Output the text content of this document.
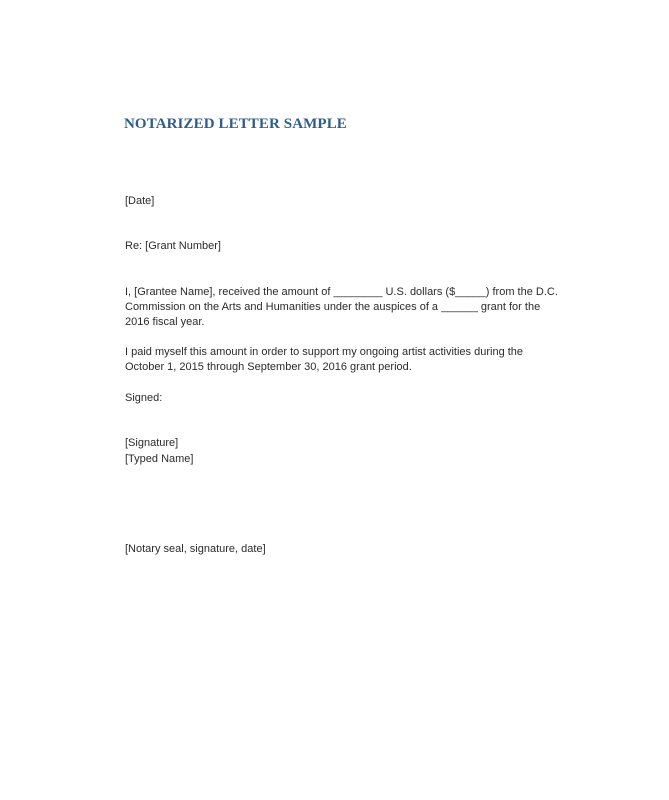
NOTARIZED LETTER SAMPLE

[Date]

Re: [Grant Number]

I, [Grantee Name], received the amount of ________ U.S. dollars ($_____) from the D.C.
Commission on the Arts and Humanities under the auspices of a ______ grant for the
2016 fiscal year.
I paid myself this amount in order to support my ongoing artist activities during the
October 1, 2015 through September 30, 2016 grant period.

Signed:

[Signature]

[Typed Name]

[Notary seal, signature, date]
